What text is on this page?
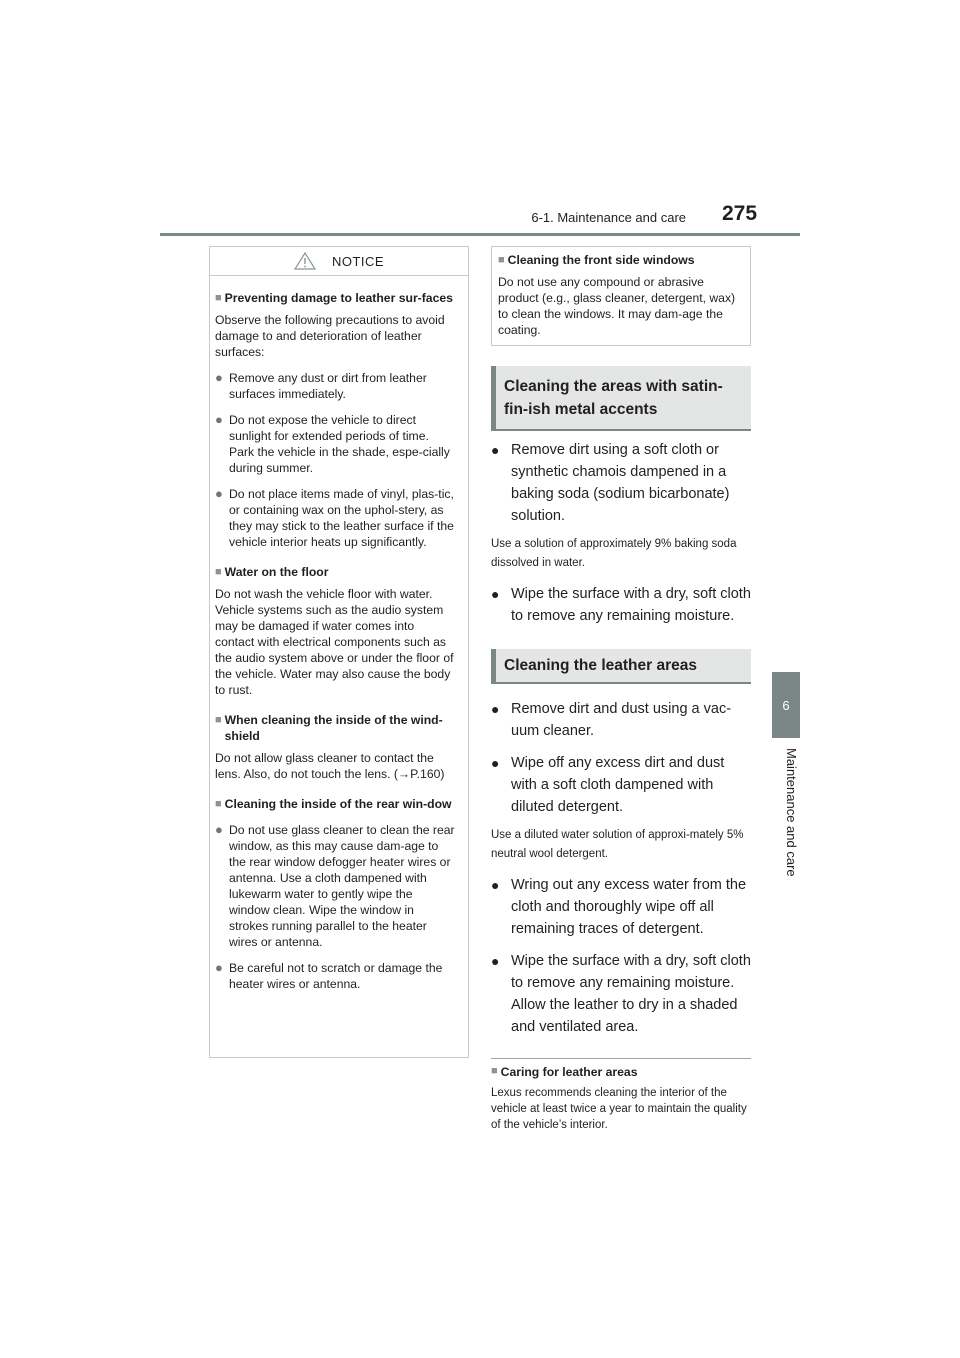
6-1. Maintenance and care 275
6
Maintenance and care
NOTICE
■ Preventing damage to leather sur-faces
Observe the following precautions to avoid damage to and deterioration of leather surfaces:
● Remove any dust or dirt from leather surfaces immediately.
● Do not expose the vehicle to direct sunlight for extended periods of time. Park the vehicle in the shade, espe-cially during summer.
● Do not place items made of vinyl, plas-tic, or containing wax on the uphol-stery, as they may stick to the leather surface if the vehicle interior heats up significantly.
■ Water on the floor
Do not wash the vehicle floor with water. Vehicle systems such as the audio system may be damaged if water comes into contact with electrical components such as the audio system above or under the floor of the vehicle. Water may also cause the body to rust.
■ When cleaning the inside of the wind-shield
Do not allow glass cleaner to contact the lens. Also, do not touch the lens. (→P.160)
■ Cleaning the inside of the rear win-dow
● Do not use glass cleaner to clean the rear window, as this may cause dam-age to the rear window defogger heater wires or antenna. Use a cloth dampened with lukewarm water to gently wipe the window clean. Wipe the window in strokes running parallel to the heater wires or antenna.
● Be careful not to scratch or damage the heater wires or antenna.
■ Cleaning the front side windows
Do not use any compound or abrasive product (e.g., glass cleaner, detergent, wax) to clean the windows. It may dam-age the coating.
Cleaning the areas with satin-fin-ish metal accents
● Remove dirt using a soft cloth or synthetic chamois dampened in a baking soda (sodium bicarbonate) solution.
Use a solution of approximately 9% baking soda dissolved in water.
● Wipe the surface with a dry, soft cloth to remove any remaining moisture.
Cleaning the leather areas
● Remove dirt and dust using a vac-uum cleaner.
● Wipe off any excess dirt and dust with a soft cloth dampened with diluted detergent.
Use a diluted water solution of approxi-mately 5% neutral wool detergent.
● Wring out any excess water from the cloth and thoroughly wipe off all remaining traces of detergent.
● Wipe the surface with a dry, soft cloth to remove any remaining moisture. Allow the leather to dry in a shaded and ventilated area.
■ Caring for leather areas
Lexus recommends cleaning the interior of the vehicle at least twice a year to maintain the quality of the vehicle’s interior.
